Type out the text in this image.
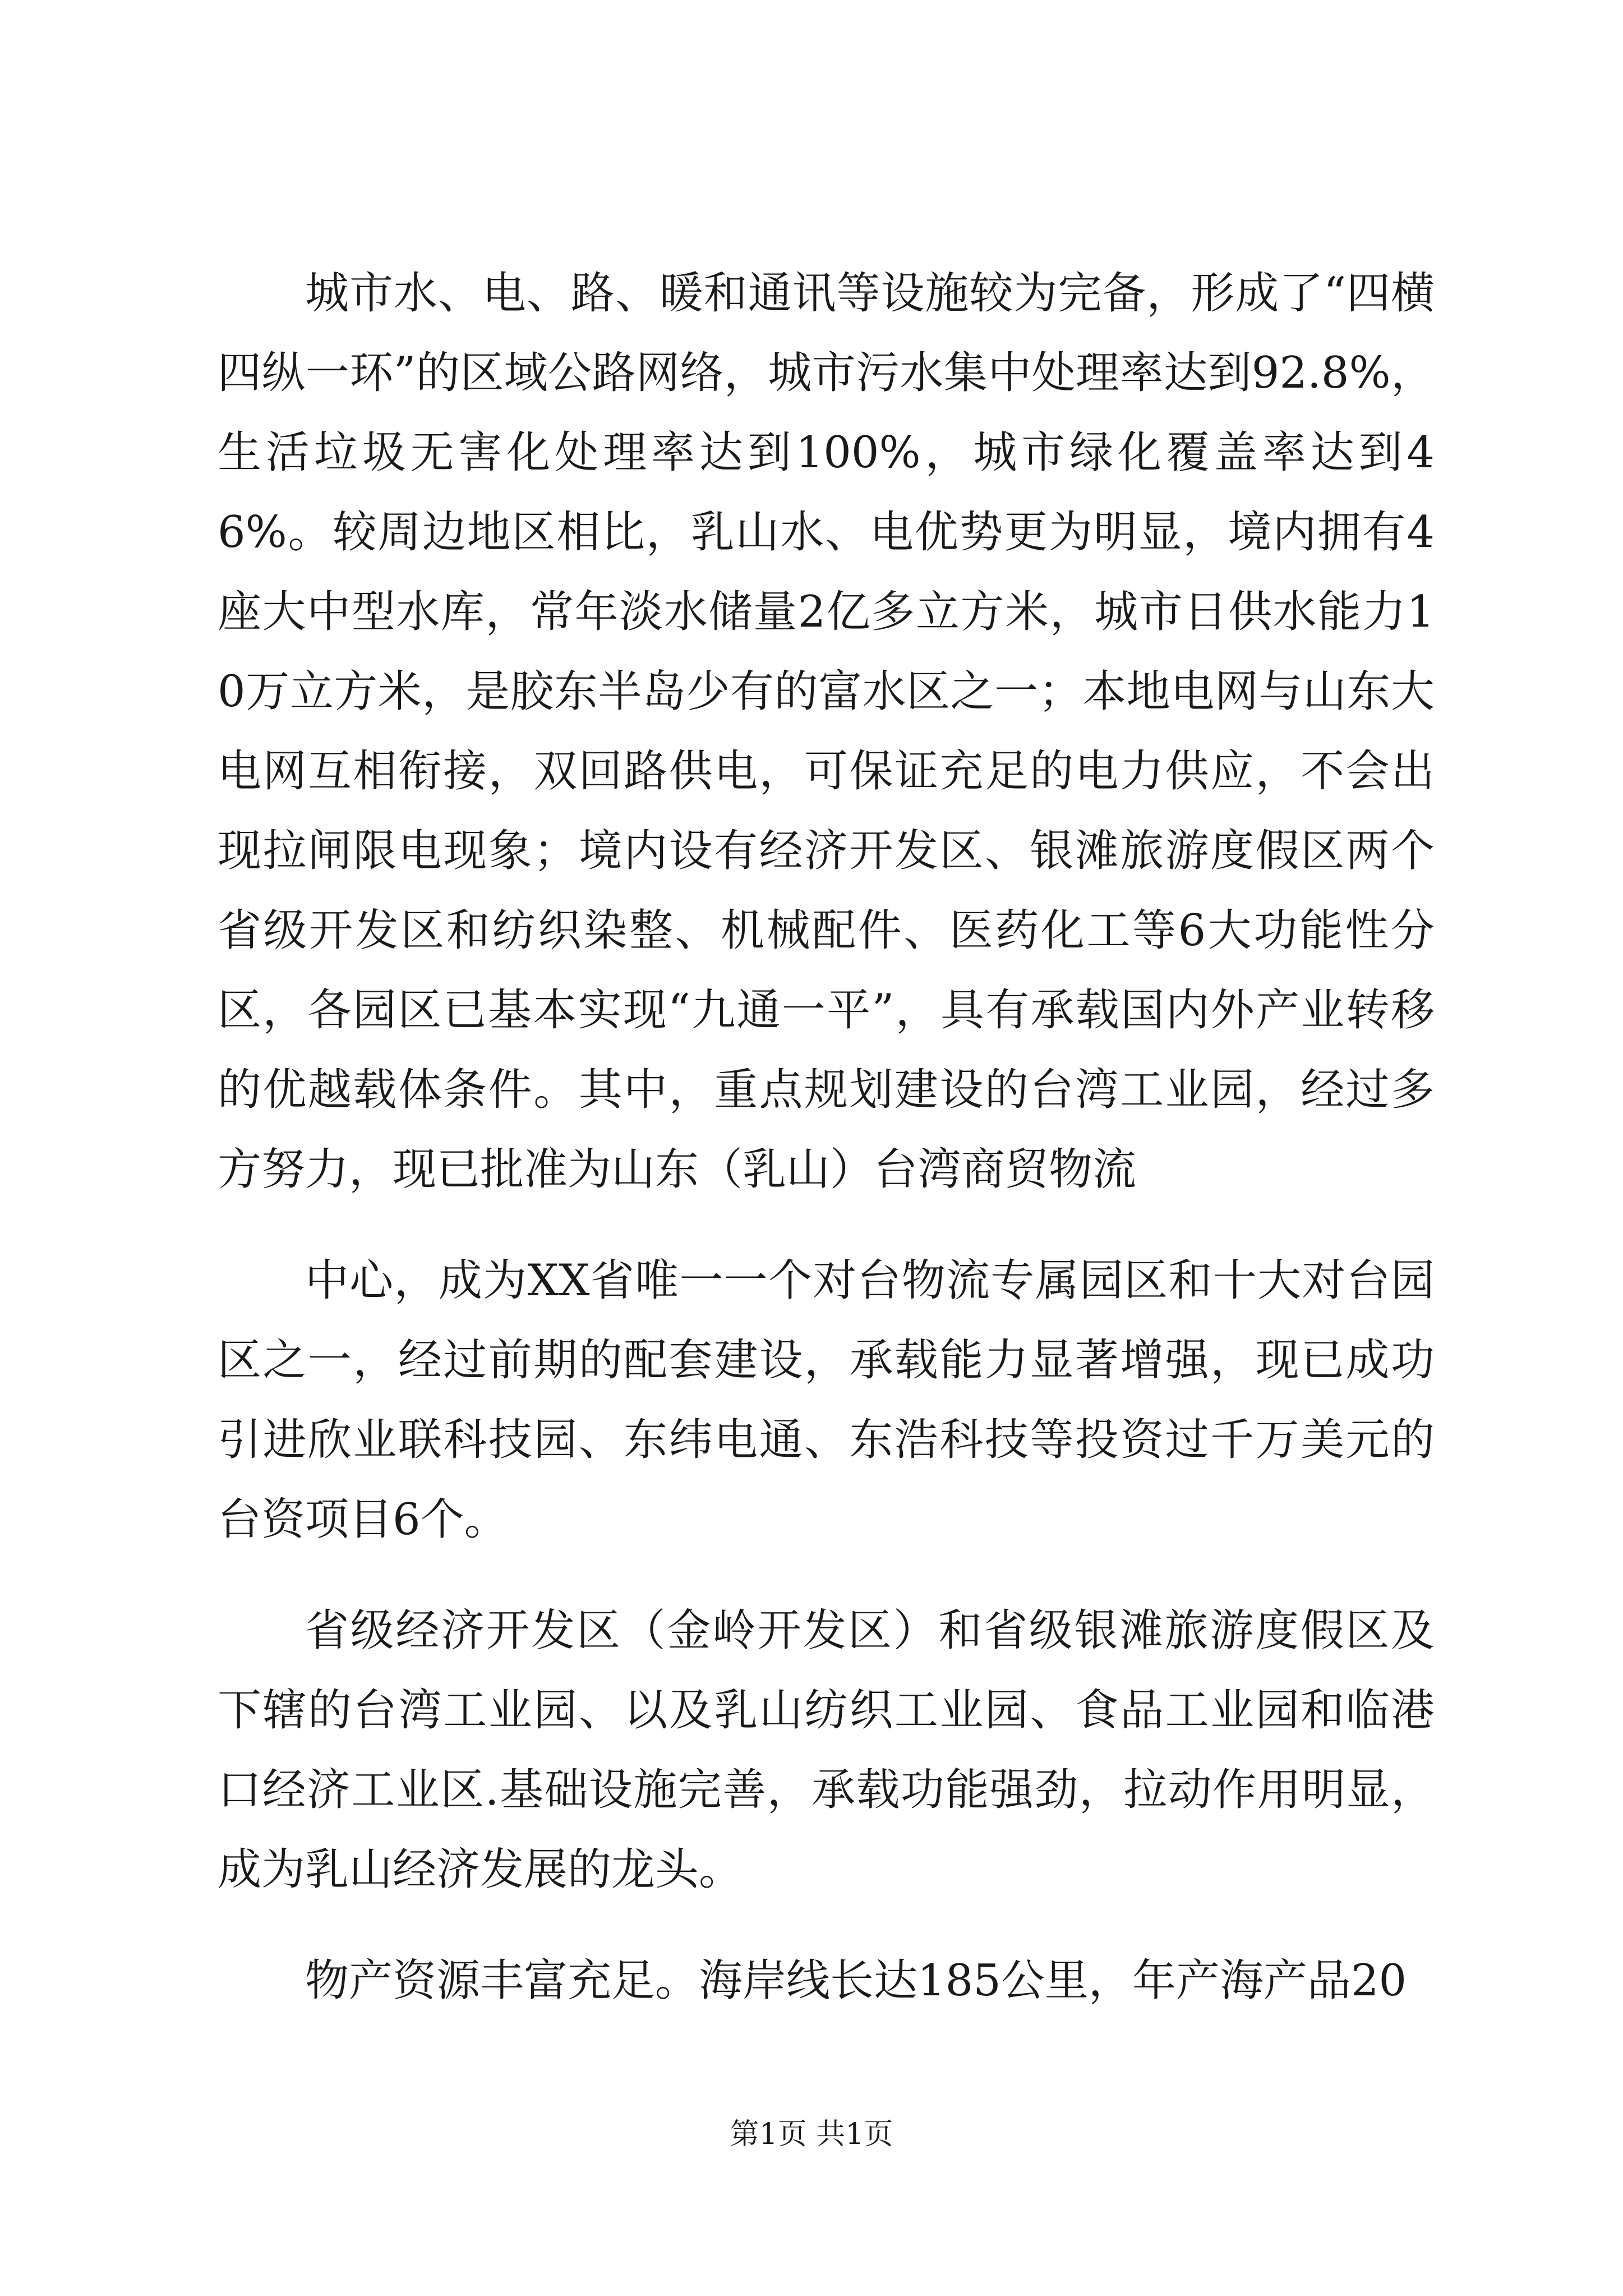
城市水、电、路、暖和通讯等设施较为完备，形成了“四横四纵一环”的区域公路网络，城市污水集中处理率达到92.8%，生活垃圾无害化处理率达到100%，城市绿化覆盖率达到46%。较周边地区相比，乳山水、电优势更为明显，境内拥有4座大中型水库，常年淡水储量2亿多立方米，城市日供水能力10万立方米，是胶东半岛少有的富水区之一；本地电网与山东大电网互相衔接，双回路供电，可保证充足的电力供应，不会出现拉闸限电现象；境内设有经济开发区、银滩旅游度假区两个省级开发区和纺织染整、机械配件、医药化工等6大功能性分区，各园区已基本实现“九通一平”，具有承载国内外产业转移的优越载体条件。其中，重点规划建设的台湾工业园，经过多方努力，现已批准为山东（乳山）台湾商贸物流

中心，成为XX省唯一一个对台物流专属园区和十大对台园区之一，经过前期的配套建设，承载能力显著增强，现已成功引进欣业联科技园、东纬电通、东浩科技等投资过千万美元的台资项目6个。

省级经济开发区（金岭开发区）和省级银滩旅游度假区及下辖的台湾工业园、以及乳山纺织工业园、食品工业园和临港口经济工业区.基础设施完善，承载功能强劲，拉动作用明显，成为乳山经济发展的龙头。

物产资源丰富充足。海岸线长达185公里，年产海产品20

第1页 共1页
